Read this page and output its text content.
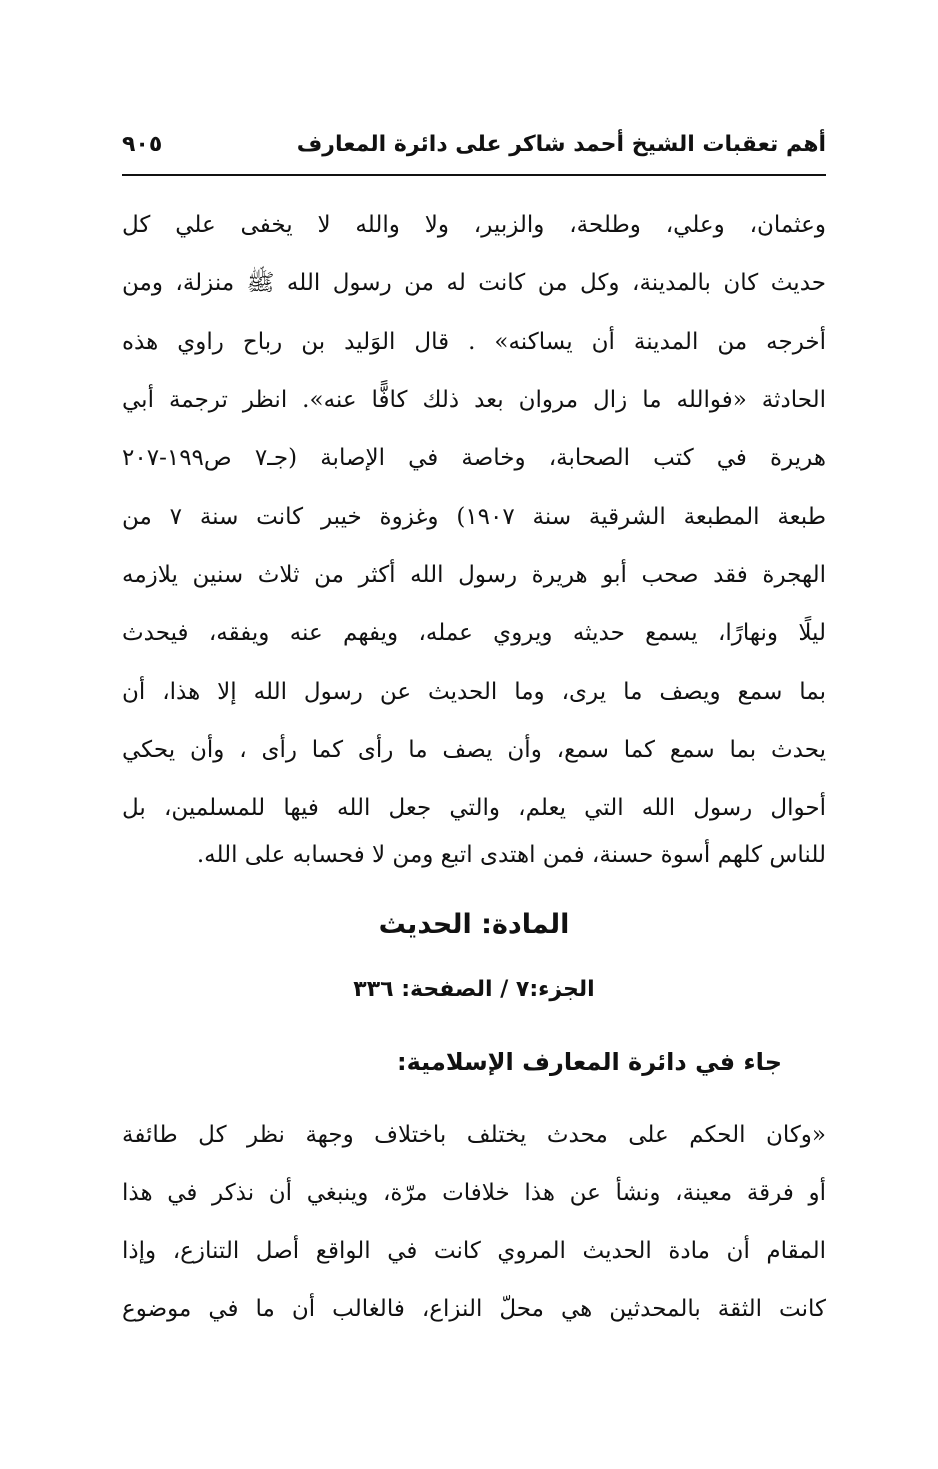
أهم تعقبات الشيخ أحمد شاكر على دائرة المعارف
٩٠٥
وعثمان، وعلي، وطلحة، والزبير، ولا والله لا يخفى علي كل
حديث كان بالمدينة، وكل من كانت له من رسول الله ﷺ منزلة، ومن
أخرجه من المدينة أن يساكنه» . قال الوَليد بن رباح راوي هذه
الحادثة «فوالله ما زال مروان بعد ذلك كافًّا عنه». انظر ترجمة أبي
هريرة في كتب الصحابة، وخاصة في الإصابة (جـ٧ ص١٩٩-٢٠٧
طبعة المطبعة الشرقية سنة ١٩٠٧) وغزوة خيبر كانت سنة ٧ من
الهجرة فقد صحب أبو هريرة رسول الله أكثر من ثلاث سنين يلازمه
ليلًا ونهارًا، يسمع حديثه ويروي عمله، ويفهم عنه ويفقه، فيحدث
بما سمع ويصف ما يرى، وما الحديث عن رسول الله إلا هذا، أن
يحدث بما سمع كما سمع، وأن يصف ما رأى كما رأى ، وأن يحكي
أحوال رسول الله التي يعلم، والتي جعل الله فيها للمسلمين، بل
للناس كلهم أسوة حسنة، فمن اهتدى اتبع ومن لا فحسابه على الله.
المادة: الحديث
الجزء:٧ / الصفحة: ٣٣٦
جاء في دائرة المعارف الإسلامية:
«وكان الحكم على محدث يختلف باختلاف وجهة نظر كل طائفة
أو فرقة معينة، ونشأ عن هذا خلافات مرّة، وينبغي أن نذكر في هذا
المقام أن مادة الحديث المروي كانت في الواقع أصل التنازع، وإذا
كانت الثقة بالمحدثين هي محلّ النزاع، فالغالب أن ما في موضوع
